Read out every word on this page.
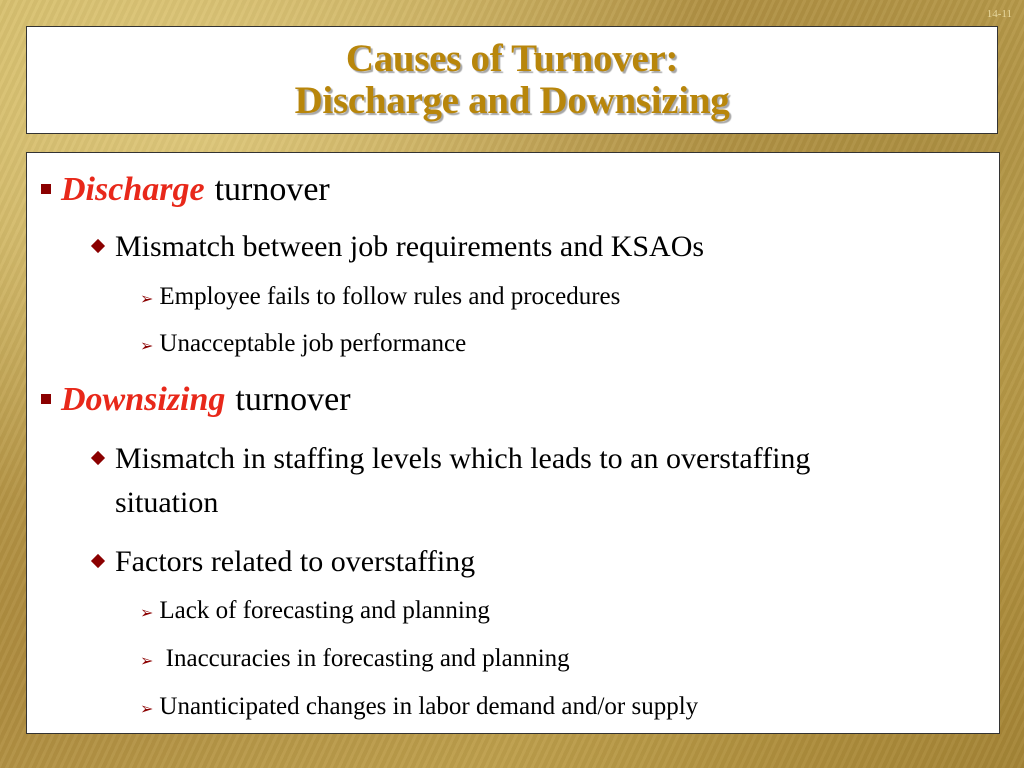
14-11
Causes of Turnover:
Discharge and Downsizing
Discharge turnover
Mismatch between job requirements and KSAOs
➢ Employee fails to follow rules and procedures
➢ Unacceptable job performance
Downsizing turnover
Mismatch in staffing levels which leads to an overstaffing situation
Factors related to overstaffing
➢ Lack of forecasting and planning
➢ Inaccuracies in forecasting and planning
➢ Unanticipated changes in labor demand and/or supply
